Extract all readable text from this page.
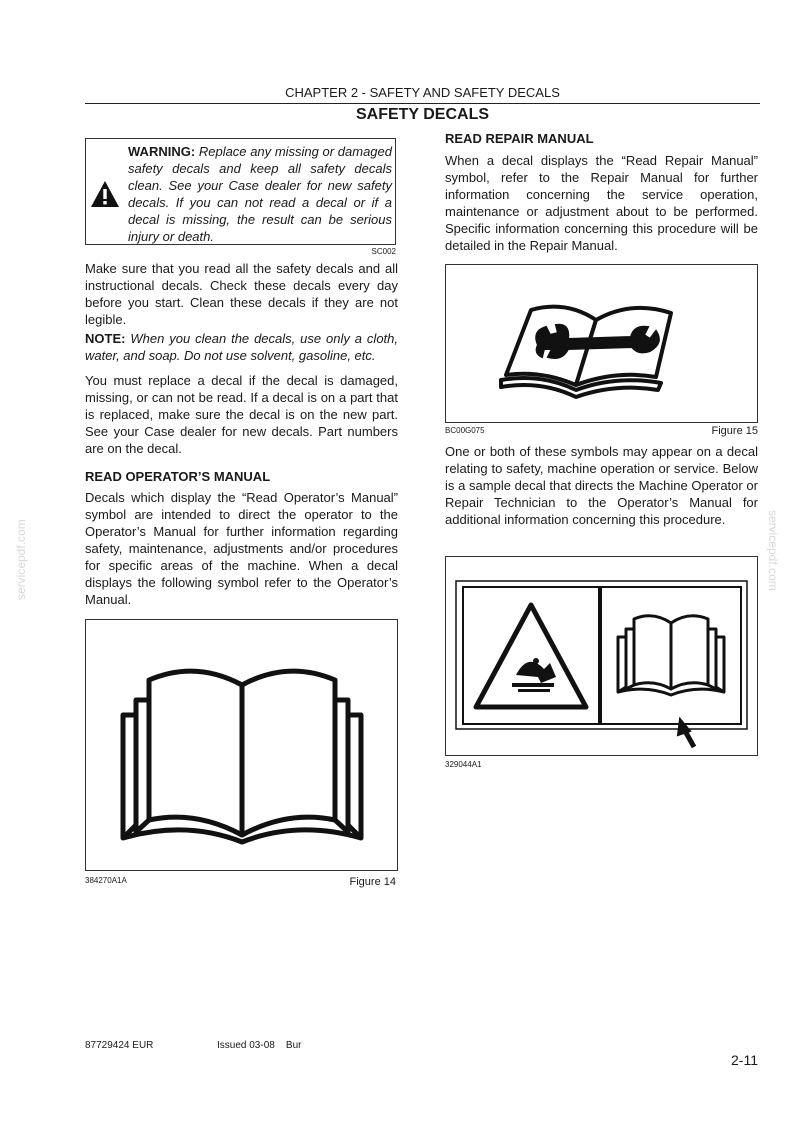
CHAPTER 2 - SAFETY AND SAFETY DECALS
SAFETY DECALS
WARNING: Replace any missing or damaged safety decals and keep all safety decals clean. See your Case dealer for new safety decals. If you can not read a decal or if a decal is missing, the result can be serious injury or death.
SC002
Make sure that you read all the safety decals and all instructional decals. Check these decals every day before you start. Clean these decals if they are not legible.
NOTE: When you clean the decals, use only a cloth, water, and soap. Do not use solvent, gasoline, etc.
You must replace a decal if the decal is damaged, missing, or can not be read. If a decal is on a part that is replaced, make sure the decal is on the new part. See your Case dealer for new decals. Part numbers are on the decal.
READ OPERATOR’S MANUAL
Decals which display the “Read Operator’s Manual” symbol are intended to direct the operator to the Operator’s Manual for further information regarding safety, maintenance, adjustments and/or procedures for specific areas of the machine. When a decal displays the following symbol refer to the Operator’s Manual.
384270A1A	Figure 14
READ REPAIR MANUAL
When a decal displays the “Read Repair Manual” symbol, refer to the Repair Manual for further information concerning the service operation, maintenance or adjustment about to be performed. Specific information concerning this procedure will be detailed in the Repair Manual.
BC00G075	Figure 15
One or both of these symbols may appear on a decal relating to safety, machine operation or service. Below is a sample decal that directs the Machine Operator or Repair Technician to the Operator’s Manual for additional information concerning this procedure.
.
329044A1
servicepdf.com	servicepdf.com
87729424 EUR	Issued 03-08    Bur
2-11
